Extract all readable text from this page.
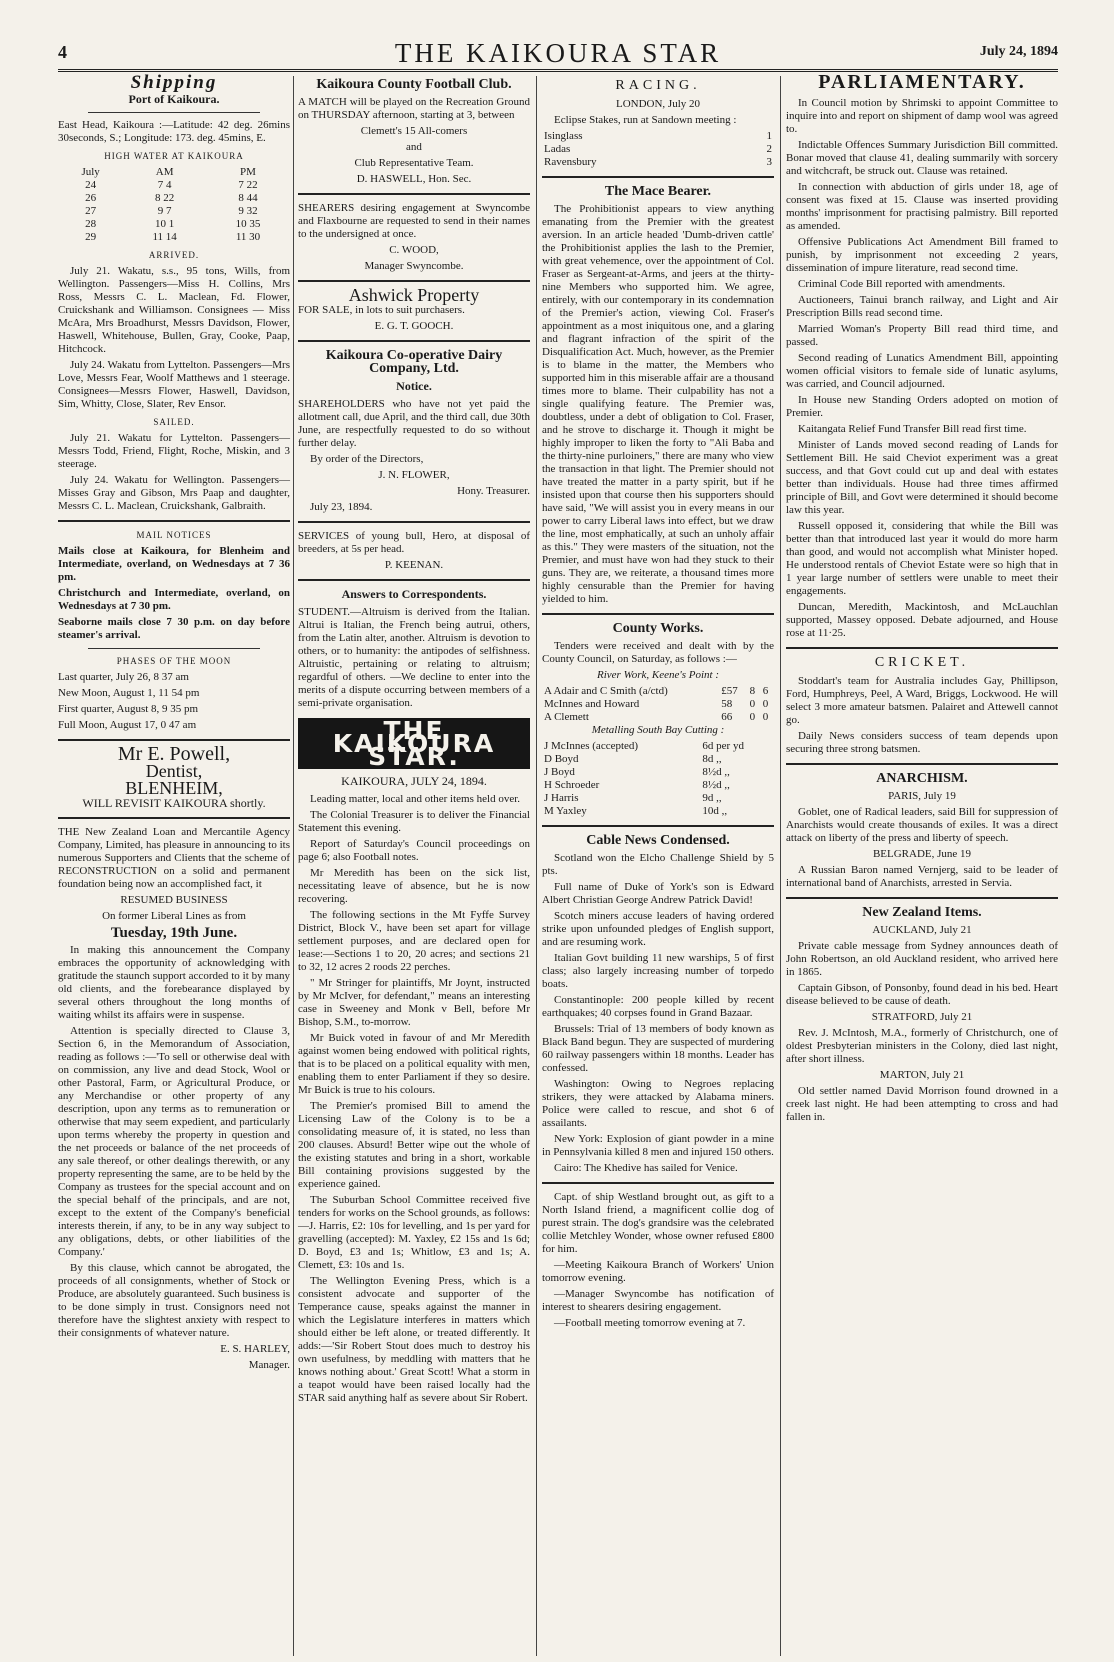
4	THE KAIKOURA STAR	July 24, 1894
Shipping
Port of Kaikoura.

East Head, Kaikoura :—Latitude: 42 deg. 26mins 30seconds, S.; Longitude: 173. deg. 45mins, E.

HIGH WATER AT KAIKOURA
July	AM	PM
24	7 4	7 22
26	8 22	8 44
27	9 7	9 32
28	10 1	10 35
29	11 14	11 30
ARRIVED.

July 21. Wakatu, s.s., 95 tons, Wills, from Wellington. Passengers—Miss H. Collins, Mrs Ross, Messrs C. L. Maclean, Fd. Flower, Cruickshank and Williamson. Consignees — Miss McAra, Mrs Broadhurst, Messrs Davidson, Flower, Haswell, Whitehouse, Bullen, Gray, Cooke, Paap, Hitchcock.

July 24. Wakatu from Lyttelton. Passengers—Mrs Love, Messrs Fear, Woolf Matthews and 1 steerage. Consignees—Messrs Flower, Haswell, Davidson, Sim, Whitty, Close, Slater, Rev Ensor.

SAILED.

July 21. Wakatu for Lyttelton. Passengers—Messrs Todd, Friend, Flight, Roche, Miskin, and 3 steerage.

July 24. Wakatu for Wellington. Passengers—Misses Gray and Gibson, Mrs Paap and daughter, Messrs C. L. Maclean, Cruickshank, Galbraith.

MAIL NOTICES

Mails close at Kaikoura, for Blenheim and Intermediate, overland, on Wednesdays at 7 36 pm.

Christchurch and Intermediate, overland, on Wednesdays at 7 30 pm.

Seaborne mails close 7 30 p.m. on day before steamer's arrival.

PHASES OF THE MOON

Last quarter, July 26, 8 37 am

New Moon, August 1, 11 54 pm

First quarter, August 8, 9 35 pm

Full Moon, August 17, 0 47 am

Mr E. Powell,
Dentist,
BLENHEIM,

WILL REVISIT KAIKOURA shortly.

THE New Zealand Loan and Mercantile Agency Company, Limited, has pleasure in announcing to its numerous Supporters and Clients that the scheme of RECONSTRUCTION on a solid and permanent foundation being now an accomplished fact, it

RESUMED BUSINESS

On former Liberal Lines as from

Tuesday, 19th June.

In making this announcement the Company embraces the opportunity of acknowledging with gratitude the staunch support accorded to it by many old clients, and the forebearance displayed by several others throughout the long months of waiting whilst its affairs were in suspense.

Attention is specially directed to Clause 3, Section 6, in the Memorandum of Association, reading as follows :—'To sell or otherwise deal with on commission, any live and dead Stock, Wool or other Pastoral, Farm, or Agricultural Produce, or any Merchandise or other property of any description, upon any terms as to remuneration or otherwise that may seem expedient, and particularly upon terms whereby the property in question and the net proceeds or balance of the net proceeds of any sale thereof, or other dealings therewith, or any property representing the same, are to be held by the Company as trustees for the special account and on the special behalf of the principals, and are not, except to the extent of the Company's beneficial interests therein, if any, to be in any way subject to any obligations, debts, or other liabilities of the Company.'

By this clause, which cannot be abrogated, the proceeds of all consignments, whether of Stock or Produce, are absolutely guaranteed. Such business is to be done simply in trust. Consignors need not therefore have the slightest anxiety with respect to their consignments of whatever nature.

E. S. HARLEY,

Manager.

Kaikoura County Football Club.

A MATCH will be played on the Recreation Ground on THURSDAY afternoon, starting at 3, between

Clemett's 15 All-comers

and

Club Representative Team.

D. HASWELL, Hon. Sec.

SHEARERS desiring engagement at Swyncombe and Flaxbourne are requested to send in their names to the undersigned at once.

C. WOOD,

Manager Swyncombe.

Ashwick Property

FOR SALE, in lots to suit purchasers.

E. G. T. GOOCH.

Kaikoura Co-operative Dairy Company, Ltd.
Notice.

SHAREHOLDERS who have not yet paid the allotment call, due April, and the third call, due 30th June, are respectfully requested to do so without further delay.

By order of the Directors,

J. N. FLOWER,

Hony. Treasurer.

July 23, 1894.

SERVICES of young bull, Hero, at disposal of breeders, at 5s per head.

P. KEENAN.

Answers to Correspondents.

STUDENT.—Altruism is derived from the Italian. Altrui is Italian, the French being autrui, others, from the Latin alter, another. Altruism is devotion to others, or to humanity: the antipodes of selfishness. Altruistic, pertaining or relating to altruism; regardful of others. —We decline to enter into the merits of a dispute occurring between members of a semi-private organisation.

THE KAIKOURA STAR.
KAIKOURA, JULY 24, 1894.

Leading matter, local and other items held over.

The Colonial Treasurer is to deliver the Financial Statement this evening.

Report of Saturday's Council proceedings on page 6; also Football notes.

Mr Meredith has been on the sick list, necessitating leave of absence, but he is now recovering.

The following sections in the Mt Fyffe Survey District, Block V., have been set apart for village settlement purposes, and are declared open for lease:—Sections 1 to 20, 20 acres; and sections 21 to 32, 12 acres 2 roods 22 perches.

" Mr Stringer for plaintiffs, Mr Joynt, instructed by Mr McIver, for defendant," means an interesting case in Sweeney and Monk v Bell, before Mr Bishop, S.M., to-morrow.

Mr Buick voted in favour of and Mr Meredith against women being endowed with political rights, that is to be placed on a political equality with men, enabling them to enter Parliament if they so desire. Mr Buick is true to his colours.

The Premier's promised Bill to amend the Licensing Law of the Colony is to be a consolidating measure of, it is stated, no less than 200 clauses. Absurd! Better wipe out the whole of the existing statutes and bring in a short, workable Bill containing provisions suggested by the experience gained.

The Suburban School Committee received five tenders for works on the School grounds, as follows:—J. Harris, £2: 10s for levelling, and 1s per yard for gravelling (accepted): M. Yaxley, £2 15s and 1s 6d; D. Boyd, £3 and 1s; Whitlow, £3 and 1s; A. Clemett, £3: 10s and 1s.

The Wellington Evening Press, which is a consistent advocate and supporter of the Temperance cause, speaks against the manner in which the Legislature interferes in matters which should either be left alone, or treated differently. It adds:—'Sir Robert Stout does much to destroy his own usefulness, by meddling with matters that he knows nothing about.' Great Scott! What a storm in a teapot would have been raised locally had the STAR said anything half as severe about Sir Robert.

RACING.

LONDON, July 20

Eclipse Stakes, run at Sandown meeting :

Isinglass	1
Ladas	2
Ravensbury	3
The Mace Bearer.

The Prohibitionist appears to view anything emanating from the Premier with the greatest aversion. In an article headed 'Dumb-driven cattle' the Prohibitionist applies the lash to the Premier, with great vehemence, over the appointment of Col. Fraser as Sergeant-at-Arms, and jeers at the thirty-nine Members who supported him. We agree, entirely, with our contemporary in its condemnation of the Premier's action, viewing Col. Fraser's appointment as a most iniquitous one, and a glaring and flagrant infraction of the spirit of the Disqualification Act. Much, however, as the Premier is to blame in the matter, the Members who supported him in this miserable affair are a thousand times more to blame. Their culpability has not a single qualifying feature. The Premier was, doubtless, under a debt of obligation to Col. Fraser, and he strove to discharge it. Though it might be highly improper to liken the forty to "Ali Baba and the thirty-nine purloiners," there are many who view the transaction in that light. The Premier should not have treated the matter in a party spirit, but if he insisted upon that course then his supporters should have said, "We will assist you in every means in our power to carry Liberal laws into effect, but we draw the line, most emphatically, at such an unholy affair as this." They were masters of the situation, not the Premier, and must have won had they stuck to their guns. They are, we reiterate, a thousand times more highly censurable than the Premier for having yielded to him.

County Works.

Tenders were received and dealt with by the County Council, on Saturday, as follows :—

River Work, Keene's Point :

A Adair and C Smith (a/ctd)	£57	8	6
McInnes and Howard	58	0	0
A Clemett	66	0	0

Metalling South Bay Cutting :

J McInnes (accepted)	6d per yd
D Boyd	8d ,,
J Boyd	8½d ,,
H Schroeder	8½d ,,
J Harris	9d ,,
M Yaxley	10d ,,
Cable News Condensed.

Scotland won the Elcho Challenge Shield by 5 pts.

Full name of Duke of York's son is Edward Albert Christian George Andrew Patrick David!

Scotch miners accuse leaders of having ordered strike upon unfounded pledges of English support, and are resuming work.

Italian Govt building 11 new warships, 5 of first class; also largely increasing number of torpedo boats.

Constantinople: 200 people killed by recent earthquakes; 40 corpses found in Grand Bazaar.

Brussels: Trial of 13 members of body known as Black Band begun. They are suspected of murdering 60 railway passengers within 18 months. Leader has confessed.

Washington: Owing to Negroes replacing strikers, they were attacked by Alabama miners. Police were called to rescue, and shot 6 of assailants.

New York: Explosion of giant powder in a mine in Pennsylvania killed 8 men and injured 150 others.

Cairo: The Khedive has sailed for Venice.

Capt. of ship Westland brought out, as gift to a North Island friend, a magnificent collie dog of purest strain. The dog's grandsire was the celebrated collie Metchley Wonder, whose owner refused £800 for him.

—Meeting Kaikoura Branch of Workers' Union tomorrow evening.

—Manager Swyncombe has notification of interest to shearers desiring engagement.

—Football meeting tomorrow evening at 7.

PARLIAMENTARY.

In Council motion by Shrimski to appoint Committee to inquire into and report on shipment of damp wool was agreed to.

Indictable Offences Summary Jurisdiction Bill committed. Bonar moved that clause 41, dealing summarily with sorcery and witchcraft, be struck out. Clause was retained.

In connection with abduction of girls under 18, age of consent was fixed at 15. Clause was inserted providing months' imprisonment for practising palmistry. Bill reported as amended.

Offensive Publications Act Amendment Bill framed to punish, by imprisonment not exceeding 2 years, dissemination of impure literature, read second time.

Criminal Code Bill reported with amendments.

Auctioneers, Tainui branch railway, and Light and Air Prescription Bills read second time.

Married Woman's Property Bill read third time, and passed.

Second reading of Lunatics Amendment Bill, appointing women official visitors to female side of lunatic asylums, was carried, and Council adjourned.

In House new Standing Orders adopted on motion of Premier.

Kaitangata Relief Fund Transfer Bill read first time.

Minister of Lands moved second reading of Lands for Settlement Bill. He said Cheviot experiment was a great success, and that Govt could cut up and deal with estates better than individuals. House had three times affirmed principle of Bill, and Govt were determined it should become law this year.

Russell opposed it, considering that while the Bill was better than that introduced last year it would do more harm than good, and would not accomplish what Minister hoped. He understood rentals of Cheviot Estate were so high that in 1 year large number of settlers were unable to meet their engagements.

Duncan, Meredith, Mackintosh, and McLauchlan supported, Massey opposed. Debate adjourned, and House rose at 11·25.

CRICKET.

Stoddart's team for Australia includes Gay, Phillipson, Ford, Humphreys, Peel, A Ward, Briggs, Lockwood. He will select 3 more amateur batsmen. Palairet and Attewell cannot go.

Daily News considers success of team depends upon securing three strong batsmen.

ANARCHISM.

PARIS, July 19

Goblet, one of Radical leaders, said Bill for suppression of Anarchists would create thousands of exiles. It was a direct attack on liberty of the press and liberty of speech.

BELGRADE, June 19

A Russian Baron named Vernjerg, said to be leader of international band of Anarchists, arrested in Servia.

New Zealand Items.

AUCKLAND, July 21

Private cable message from Sydney announces death of John Robertson, an old Auckland resident, who arrived here in 1865.

Captain Gibson, of Ponsonby, found dead in his bed. Heart disease believed to be cause of death.

STRATFORD, July 21

Rev. J. McIntosh, M.A., formerly of Christchurch, one of oldest Presbyterian ministers in the Colony, died last night, after short illness.

MARTON, July 21

Old settler named David Morrison found drowned in a creek last night. He had been attempting to cross and had fallen in.
